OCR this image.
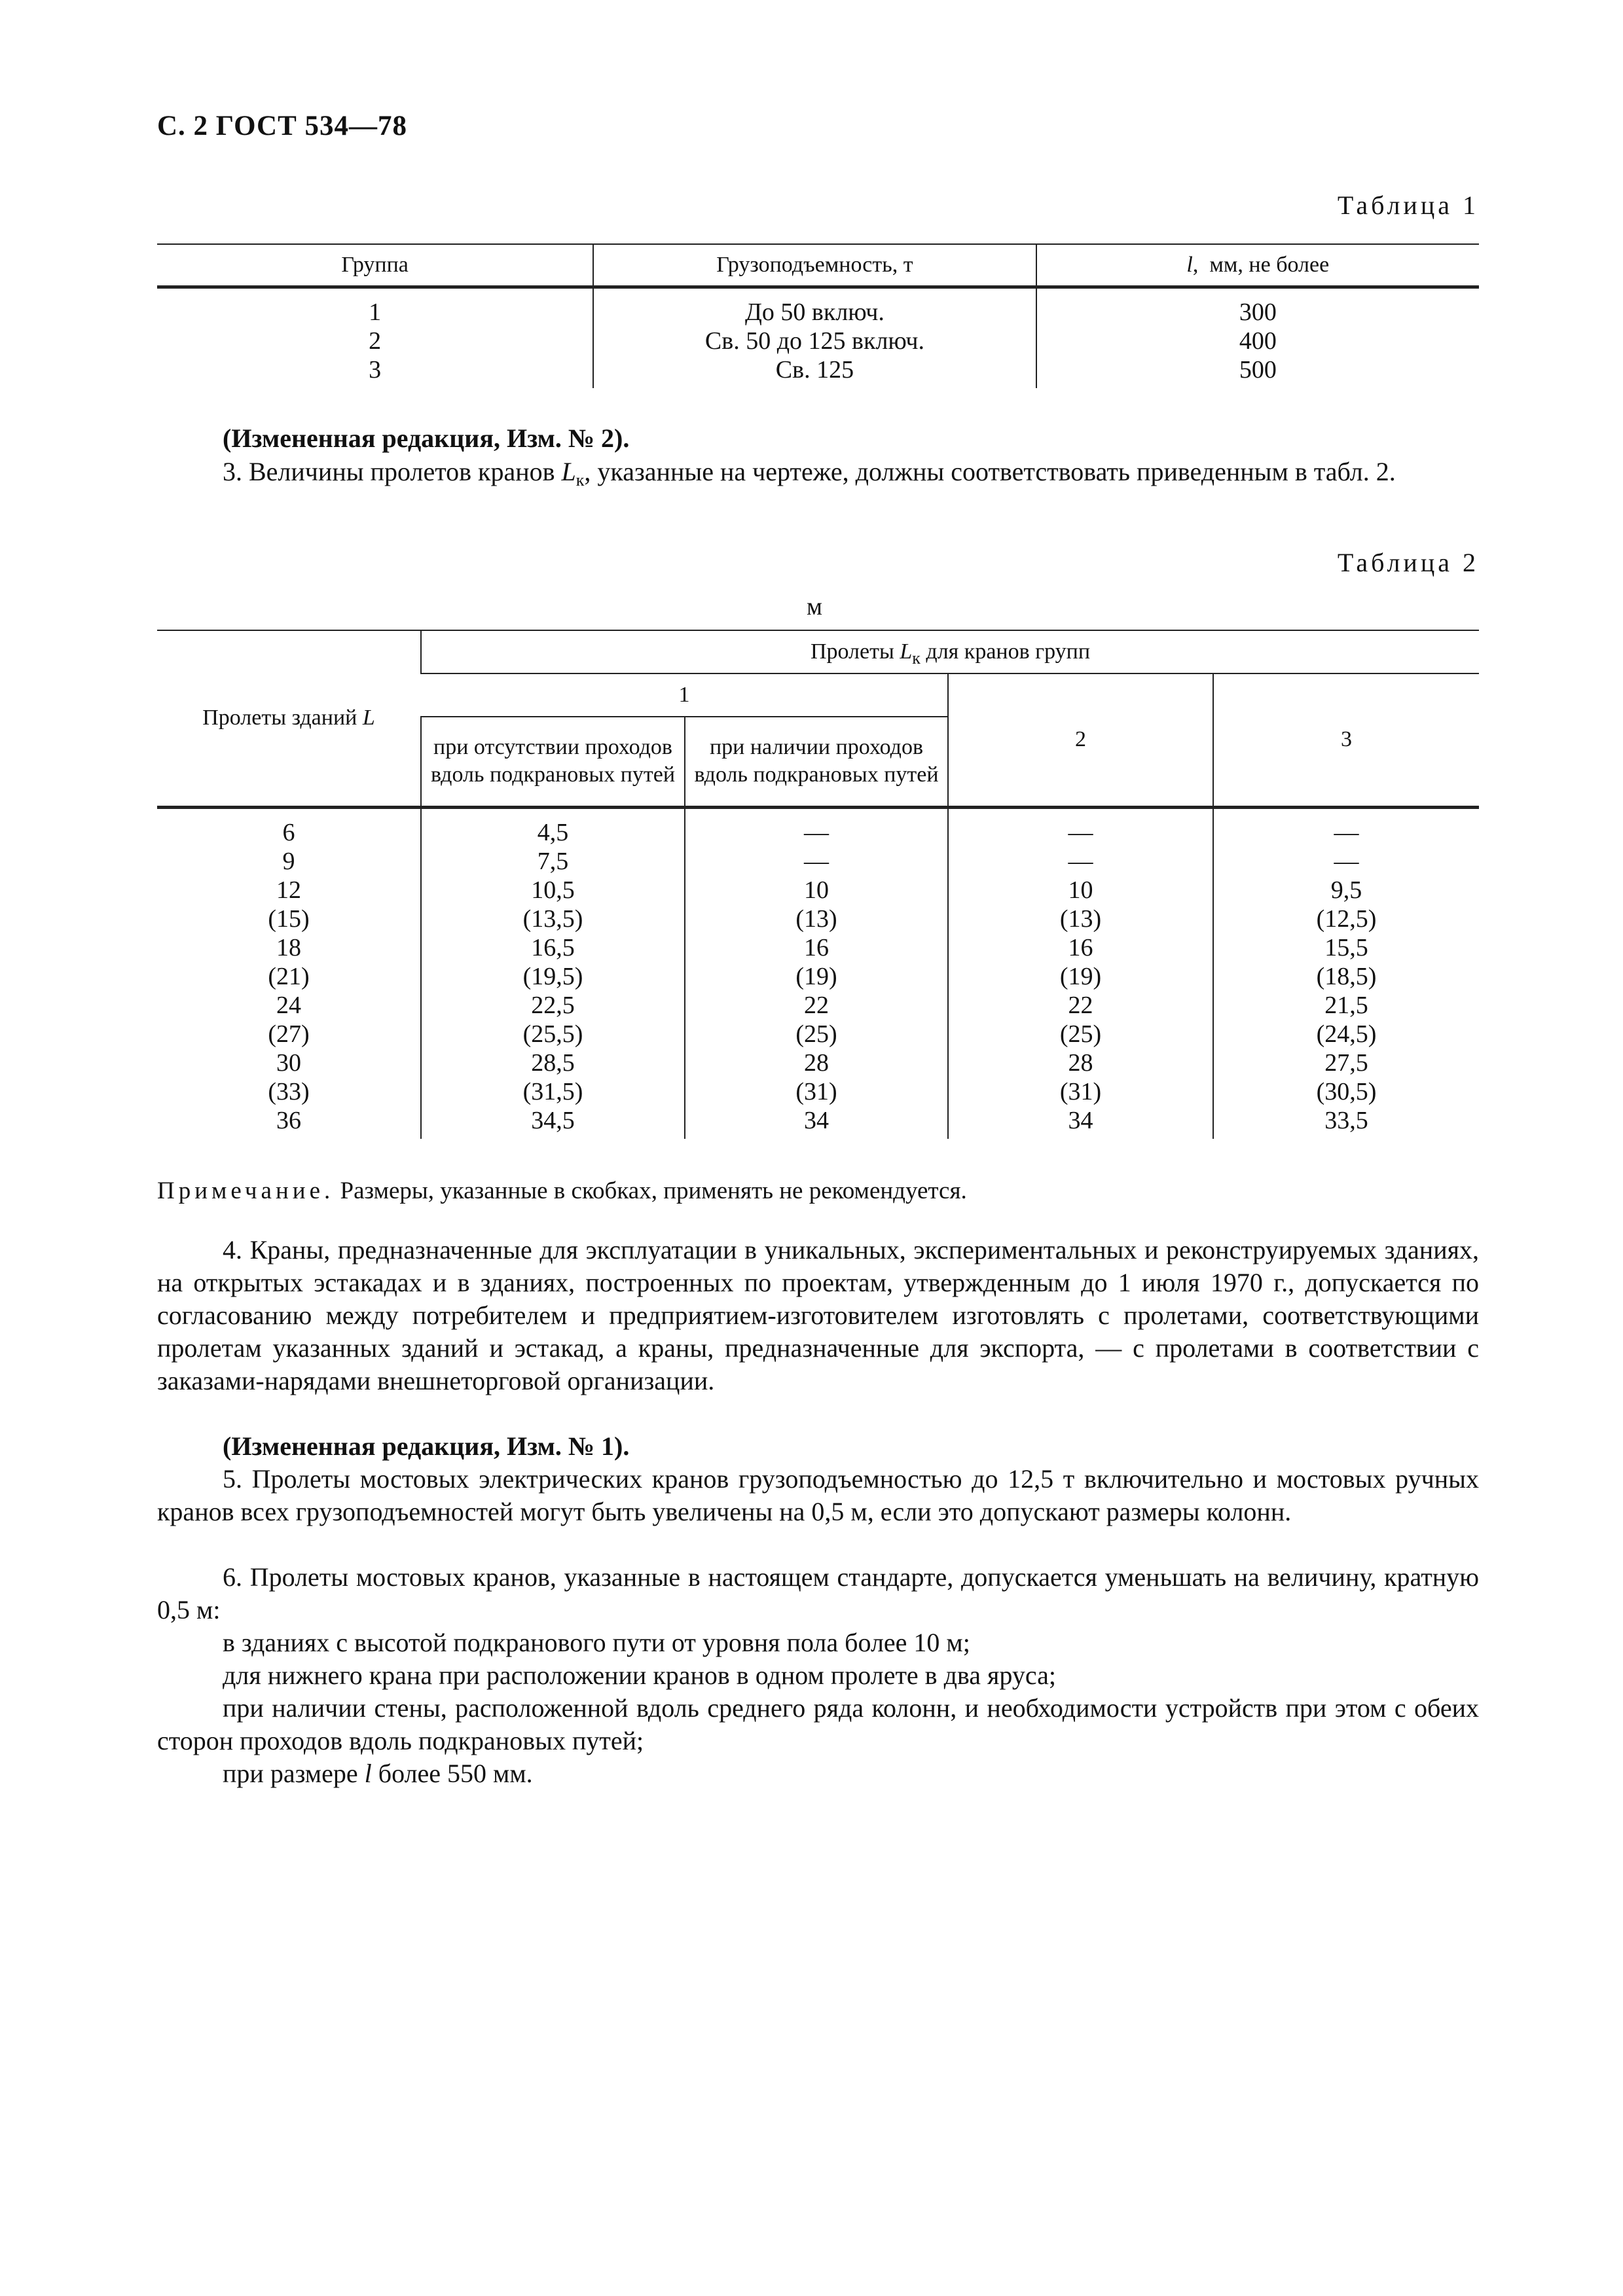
С. 2 ГОСТ 534—78

Таблица 1

Группа	Грузоподъемность, т	l,  мм, не более
1	До 50 включ.	300
2	Св. 50 до 125 включ.	400
3	Св. 125	500

(Измененная редакция, Изм. № 2).

3. Величины пролетов кранов $L_к$, указанные на чертеже, должны соответствовать приведенным в табл. 2.

Таблица 2

м

Пролеты зданий L	Пролеты $L_к$ для кранов групп			
	1		2	3
	при отсутствии проходов вдоль подкрановых путей	при наличии проходов вдоль подкрановых путей		
6	4,5	—	—	—
9	7,5	—	—	—
12	10,5	10	10	9,5
(15)	(13,5)	(13)	(13)	(12,5)
18	16,5	16	16	15,5
(21)	(19,5)	(19)	(19)	(18,5)
24	22,5	22	22	21,5
(27)	(25,5)	(25)	(25)	(24,5)
30	28,5	28	28	27,5
(33)	(31,5)	(31)	(31)	(30,5)
36	34,5	34	34	33,5

Примечание. Размеры, указанные в скобках, применять не рекомендуется.

4. Краны, предназначенные для эксплуатации в уникальных, экспериментальных и реконструируемых зданиях, на открытых эстакадах и в зданиях, построенных по проектам, утвержденным до 1 июля 1970 г., допускается по согласованию между потребителем и предприятием-изготовителем изготовлять с пролетами, соответствующими пролетам указанных зданий и эстакад, а краны, предназначенные для экспорта, — с пролетами в соответствии с заказами-нарядами внешнеторговой организации.

(Измененная редакция, Изм. № 1).

5. Пролеты мостовых электрических кранов грузоподъемностью до 12,5 т включительно и мостовых ручных кранов всех грузоподъемностей могут быть увеличены на 0,5 м, если это допускают размеры колонн.

6. Пролеты мостовых кранов, указанные в настоящем стандарте, допускается уменьшать на величину, кратную 0,5 м:

в зданиях с высотой подкранового пути от уровня пола более 10 м;

для нижнего крана при расположении кранов в одном пролете в два яруса;

при наличии стены, расположенной вдоль среднего ряда колонн, и необходимости устройств при этом с обеих сторон проходов вдоль подкрановых путей;

при размере l более 550 мм.
